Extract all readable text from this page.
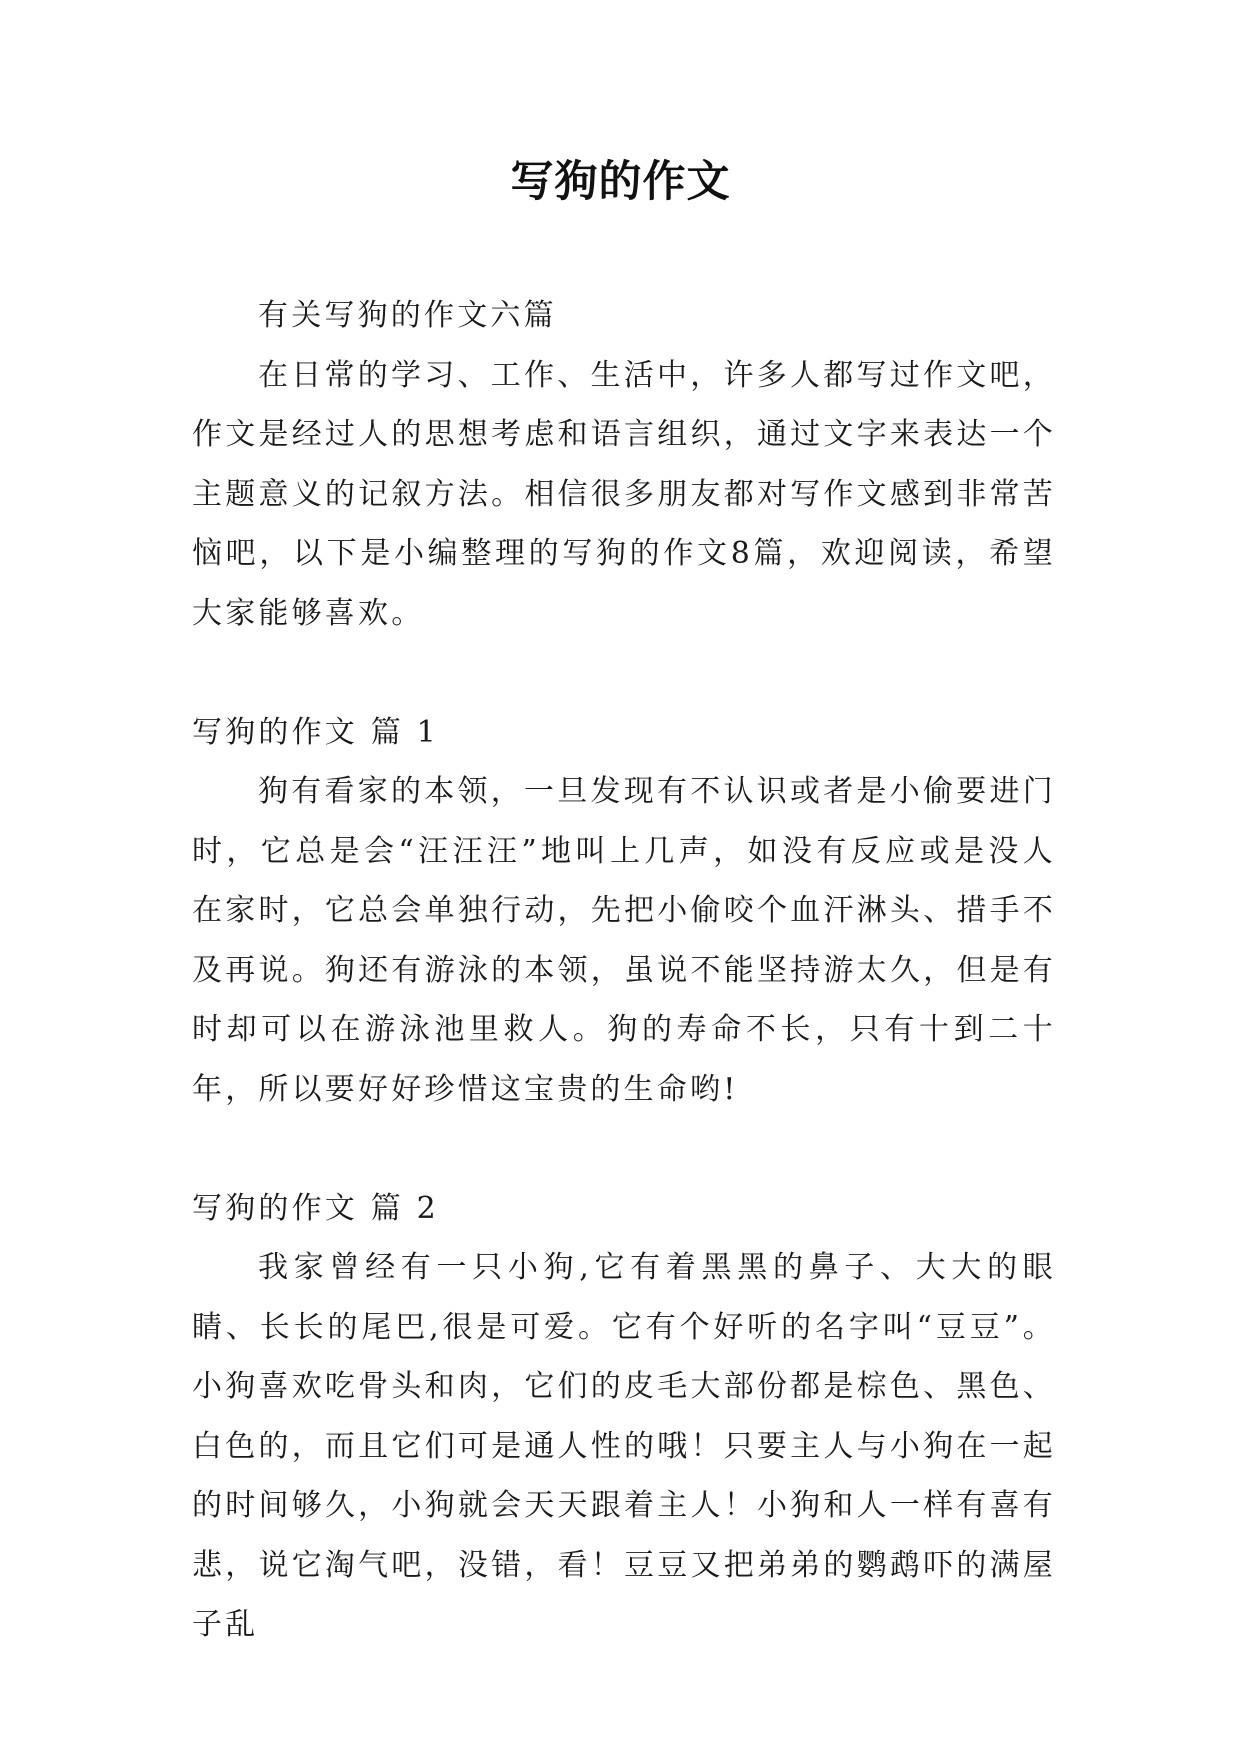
写狗的作文

有关写狗的作文六篇

在日常的学习、工作、生活中，许多人都写过作文吧，作文是经过人的思想考虑和语言组织，通过文字来表达一个主题意义的记叙方法。相信很多朋友都对写作文感到非常苦恼吧，以下是小编整理的写狗的作文8篇，欢迎阅读，希望大家能够喜欢。

写狗的作文 篇 1

狗有看家的本领，一旦发现有不认识或者是小偷要进门时，它总是会“汪汪汪”地叫上几声，如没有反应或是没人在家时，它总会单独行动，先把小偷咬个血汗淋头、措手不及再说。狗还有游泳的本领，虽说不能坚持游太久，但是有时却可以在游泳池里救人。狗的寿命不长，只有十到二十年，所以要好好珍惜这宝贵的生命哟!

写狗的作文 篇 2

我家曾经有一只小狗,它有着黑黑的鼻子、大大的眼睛、长长的尾巴,很是可爱。它有个好听的名字叫“豆豆”。小狗喜欢吃骨头和肉，它们的皮毛大部份都是棕色、黑色、白色的，而且它们可是通人性的哦！只要主人与小狗在一起的时间够久，小狗就会天天跟着主人！小狗和人一样有喜有悲，说它淘气吧，没错，看！豆豆又把弟弟的鹦鹉吓的满屋子乱
